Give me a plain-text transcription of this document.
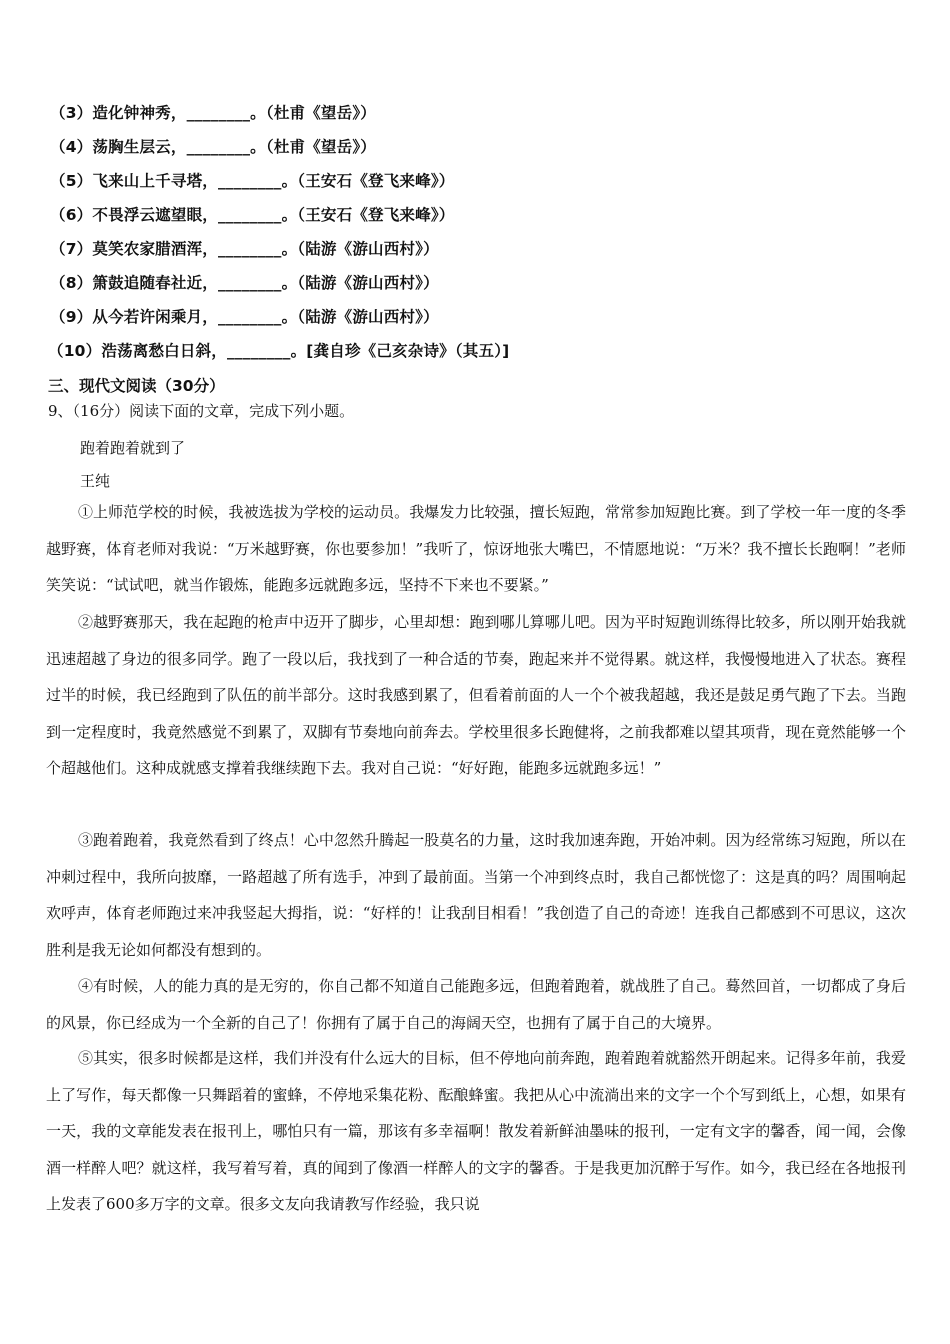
（3）造化钟神秀，________。（杜甫《望岳》）
（4）荡胸生层云，________。（杜甫《望岳》）
（5）飞来山上千寻塔，________。（王安石《登飞来峰》）
（6）不畏浮云遮望眼，________。（王安石《登飞来峰》）
（7）莫笑农家腊酒浑，________。（陆游《游山西村》）
（8）箫鼓追随春社近，________。（陆游《游山西村》）
（9）从今若许闲乘月，________。（陆游《游山西村》）
（10）浩荡离愁白日斜，________。[龚自珍《己亥杂诗》（其五）]
三、现代文阅读（30分）
9、（16分）阅读下面的文章，完成下列小题。
跑着跑着就到了
王纯

①上师范学校的时候，我被选拔为学校的运动员。我爆发力比较强，擅长短跑，常常参加短跑比赛。到了学校一年一度的冬季越野赛，体育老师对我说：“万米越野赛，你也要参加！”我听了，惊讶地张大嘴巴，不情愿地说：“万米？我不擅长长跑啊！”老师笑笑说：“试试吧，就当作锻炼，能跑多远就跑多远，坚持不下来也不要紧。”

②越野赛那天，我在起跑的枪声中迈开了脚步，心里却想：跑到哪儿算哪儿吧。因为平时短跑训练得比较多，所以刚开始我就迅速超越了身边的很多同学。跑了一段以后，我找到了一种合适的节奏，跑起来并不觉得累。就这样，我慢慢地进入了状态。赛程过半的时候，我已经跑到了队伍的前半部分。这时我感到累了，但看着前面的人一个个被我超越，我还是鼓足勇气跑了下去。当跑到一定程度时，我竟然感觉不到累了，双脚有节奏地向前奔去。学校里很多长跑健将，之前我都难以望其项背，现在竟然能够一个个超越他们。这种成就感支撑着我继续跑下去。我对自己说：“好好跑，能跑多远就跑多远！”

③跑着跑着，我竟然看到了终点！心中忽然升腾起一股莫名的力量，这时我加速奔跑，开始冲刺。因为经常练习短跑，所以在冲刺过程中，我所向披靡，一路超越了所有选手，冲到了最前面。当第一个冲到终点时，我自己都恍惚了：这是真的吗？周围响起欢呼声，体育老师跑过来冲我竖起大拇指，说：“好样的！让我刮目相看！”我创造了自己的奇迹！连我自己都感到不可思议，这次胜利是我无论如何都没有想到的。

④有时候，人的能力真的是无穷的，你自己都不知道自己能跑多远，但跑着跑着，就战胜了自己。蓦然回首，一切都成了身后的风景，你已经成为一个全新的自己了！你拥有了属于自己的海阔天空，也拥有了属于自己的大境界。

⑤其实，很多时候都是这样，我们并没有什么远大的目标，但不停地向前奔跑，跑着跑着就豁然开朗起来。记得多年前，我爱上了写作，每天都像一只舞蹈着的蜜蜂，不停地采集花粉、酝酿蜂蜜。我把从心中流淌出来的文字一个个写到纸上，心想，如果有一天，我的文章能发表在报刊上，哪怕只有一篇，那该有多幸福啊！散发着新鲜油墨味的报刊，一定有文字的馨香，闻一闻，会像酒一样醉人吧？就这样，我写着写着，真的闻到了像酒一样醉人的文字的馨香。于是我更加沉醉于写作。如今，我已经在各地报刊上发表了600多万字的文章。很多文友向我请教写作经验，我只说
